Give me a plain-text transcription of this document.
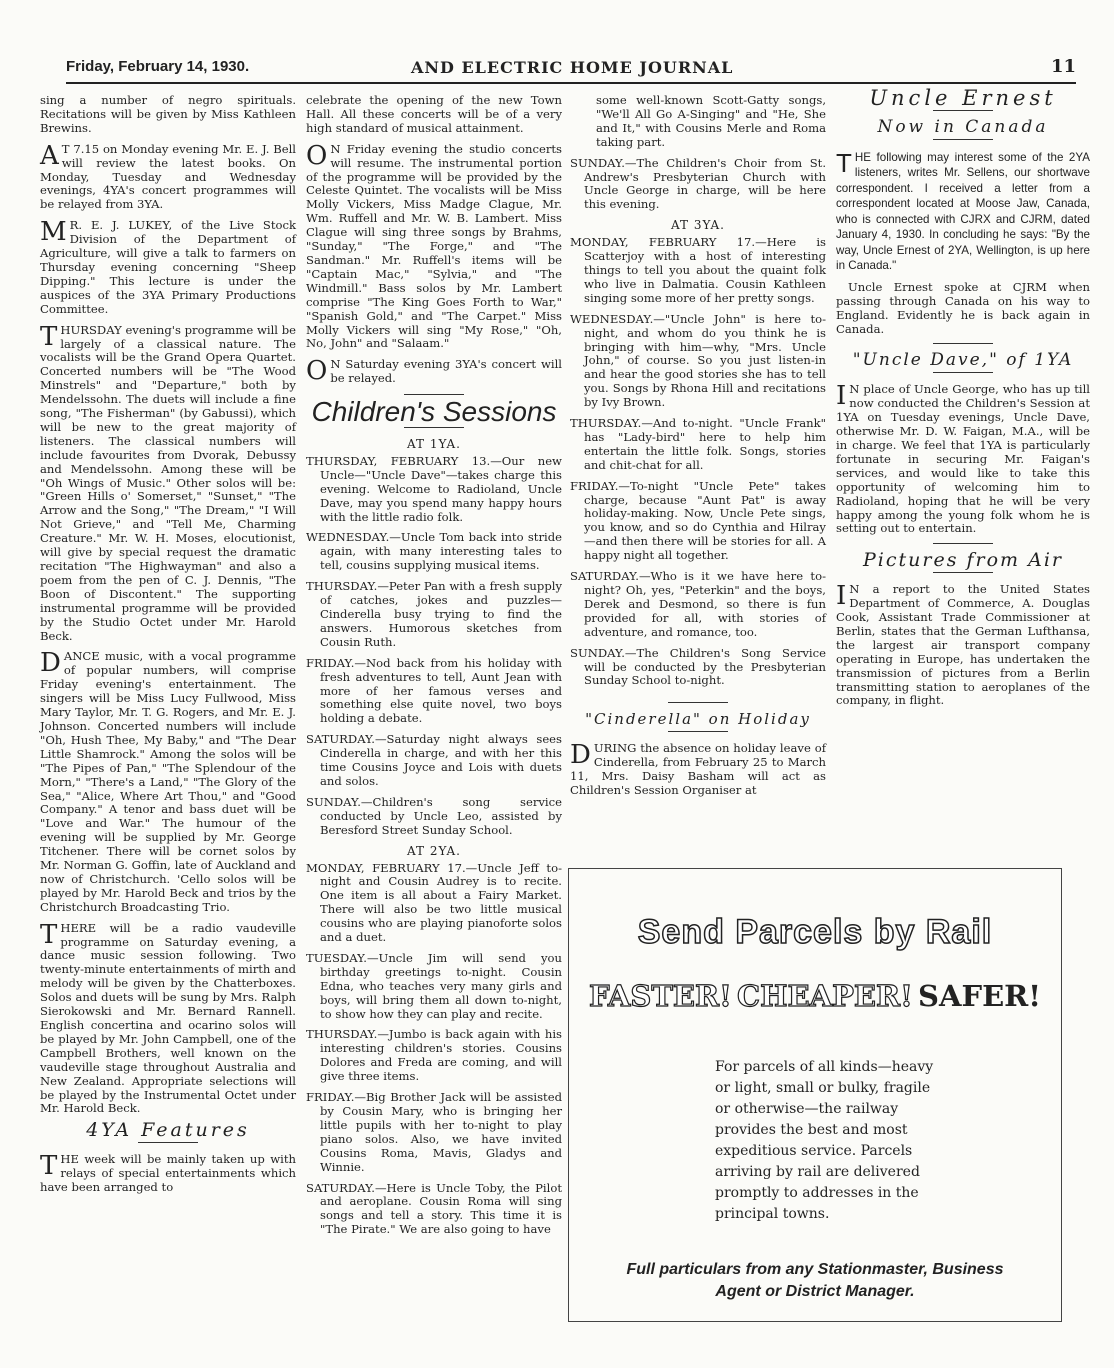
Friday, February 14, 1930.	AND ELECTRIC HOME JOURNAL	11

sing a number of negro spirituals. Recitations will be given by Miss Kathleen Brewins.

A T 7.15 on Monday evening Mr. E. J. Bell will review the latest books. On Monday, Tuesday and Wednesday evenings, 4YA's concert programmes will be relayed from 3YA.

M R. E. J. LUKEY, of the Live Stock Division of the Department of Agriculture, will give a talk to farmers on Thursday evening concerning "Sheep Dipping." This lecture is under the auspices of the 3YA Primary Productions Committee.

THURSDAY evening's programme will be largely of a classical nature. The vocalists will be the Grand Opera Quartet. Concerted numbers will be "The Wood Minstrels" and "Departure," both by Mendelssohn. The duets will include a fine song, "The Fisherman" (by Gabussi), which will be new to the great majority of listeners. The classical numbers will include favourites from Dvorak, Debussy and Mendelssohn. Among these will be "Oh Wings of Music." Other solos will be: "Green Hills o' Somerset," "Sunset," "The Arrow and the Song," "The Dream," "I Will Not Grieve," and "Tell Me, Charming Creature." Mr. W. H. Moses, elocutionist, will give by special request the dramatic recitation "The Highwayman" and also a poem from the pen of C. J. Dennis, "The Boon of Discontent." The supporting instrumental programme will be provided by the Studio Octet under Mr. Harold Beck.

DANCE music, with a vocal programme of popular numbers, will comprise Friday evening's entertainment. The singers will be Miss Lucy Fullwood, Miss Mary Taylor, Mr. T. G. Rogers, and Mr. E. J. Johnson. Concerted numbers will include "Oh, Hush Thee, My Baby," and "The Dear Little Shamrock." Among the solos will be "The Pipes of Pan," "The Splendour of the Morn," "There's a Land," "The Glory of the Sea," "Alice, Where Art Thou," and "Good Company." A tenor and bass duet will be "Love and War." The humour of the evening will be supplied by Mr. George Titchener. There will be cornet solos by Mr. Norman G. Goffin, late of Auckland and now of Christchurch. 'Cello solos will be played by Mr. Harold Beck and trios by the Christchurch Broadcasting Trio.

THERE will be a radio vaudeville programme on Saturday evening, a dance music session following. Two twenty-minute entertainments of mirth and melody will be given by the Chatterboxes. Solos and duets will be sung by Mrs. Ralph Sierokowski and Mr. Bernard Rannell. English concertina and ocarino solos will be played by Mr. John Campbell, one of the Campbell Brothers, well known on the vaudeville stage throughout Australia and New Zealand. Appropriate selections will be played by the Instrumental Octet under Mr. Harold Beck.

4YA Features

THE week will be mainly taken up with relays of special entertainments which have been arranged to

celebrate the opening of the new Town Hall. All these concerts will be of a very high standard of musical attainment.

O N Friday evening the studio concerts will resume. The instrumental portion of the programme will be provided by the Celeste Quintet. The vocalists will be Miss Molly Vickers, Miss Madge Clague, Mr. Wm. Ruffell and Mr. W. B. Lambert. Miss Clague will sing three songs by Brahms, "Sunday," "The Forge," and "The Sandman." Mr. Ruffell's items will be "Captain Mac," "Sylvia," and "The Windmill." Bass solos by Mr. Lambert comprise "The King Goes Forth to War," "Spanish Gold," and "The Carpet." Miss Molly Vickers will sing "My Rose," "Oh, No, John" and "Salaam."

O N Saturday evening 3YA's concert will be relayed.

Children's Sessions
AT 1YA.

THURSDAY, FEBRUARY 13.—Our new Uncle—"Uncle Dave"—takes charge this evening. Welcome to Radioland, Uncle Dave, may you spend many happy hours with the little radio folk.

WEDNESDAY.—Uncle Tom back into stride again, with many interesting tales to tell, cousins supplying musical items.

THURSDAY.—Peter Pan with a fresh supply of catches, jokes and puzzles—Cinderella busy trying to find the answers. Humorous sketches from Cousin Ruth.

FRIDAY.—Nod back from his holiday with fresh adventures to tell, Aunt Jean with more of her famous verses and something else quite novel, two boys holding a debate.

SATURDAY.—Saturday night always sees Cinderella in charge, and with her this time Cousins Joyce and Lois with duets and solos.

SUNDAY.—Children's song service conducted by Uncle Leo, assisted by Beresford Street Sunday School.

AT 2YA.

MONDAY, FEBRUARY 17.—Uncle Jeff to-night and Cousin Audrey is to recite. One item is all about a Fairy Market. There will also be two little musical cousins who are playing pianoforte solos and a duet.

TUESDAY.—Uncle Jim will send you birthday greetings to-night. Cousin Edna, who teaches very many girls and boys, will bring them all down to-night, to show how they can play and recite.

THURSDAY.—Jumbo is back again with his interesting children's stories. Cousins Dolores and Freda are coming, and will give three items.

FRIDAY.—Big Brother Jack will be assisted by Cousin Mary, who is bringing her little pupils with her to-night to play piano solos. Also, we have invited Cousins Roma, Mavis, Gladys and Winnie.

SATURDAY.—Here is Uncle Toby, the Pilot and aeroplane. Cousin Roma will sing songs and tell a story. This time it is "The Pirate." We are also going to have

some well-known Scott-Gatty songs, "We'll All Go A-Singing" and "He, She and It," with Cousins Merle and Roma taking part.

SUNDAY.—The Children's Choir from St. Andrew's Presbyterian Church with Uncle George in charge, will be here this evening.

AT 3YA.

MONDAY, FEBRUARY 17.—Here is Scatterjoy with a host of interesting things to tell you about the quaint folk who live in Dalmatia. Cousin Kathleen singing some more of her pretty songs.

WEDNESDAY.—"Uncle John" is here to-night, and whom do you think he is bringing with him—why, "Mrs. Uncle John," of course. So you just listen-in and hear the good stories she has to tell you. Songs by Rhona Hill and recitations by Ivy Brown.

THURSDAY.—And to-night. "Uncle Frank" has "Lady-bird" here to help him entertain the little folk. Songs, stories and chit-chat for all.

FRIDAY.—To-night "Uncle Pete" takes charge, because "Aunt Pat" is away holiday-making. Now, Uncle Pete sings, you know, and so do Cynthia and Hilray—and then there will be stories for all. A happy night all together.

SATURDAY.—Who is it we have here to-night? Oh, yes, "Peterkin" and the boys, Derek and Desmond, so there is fun provided for all, with stories of adventure, and romance, too.

SUNDAY.—The Children's Song Service will be conducted by the Presbyterian Sunday School to-night.

"Cinderella" on Holiday

DURING the absence on holiday leave of Cinderella, from February 25 to March 11, Mrs. Daisy Basham will act as Children's Session Organiser at

Uncle Ernest
Now in Canada

THE following may interest some of the 2YA listeners, writes Mr. Sellens, our shortwave correspondent. I received a letter from a correspondent located at Moose Jaw, Canada, who is connected with CJRX and CJRM, dated January 4, 1930. In concluding he says: "By the way, Uncle Ernest of 2YA, Wellington, is up here in Canada."

Uncle Ernest spoke at CJRM when passing through Canada on his way to England. Evidently he is back again in Canada.

"Uncle Dave," of 1YA

I N place of Uncle George, who has up till now conducted the Children's Session at 1YA on Tuesday evenings, Uncle Dave, otherwise Mr. D. W. Faigan, M.A., will be in charge. We feel that 1YA is particularly fortunate in securing Mr. Faigan's services, and would like to take this opportunity of welcoming him to Radioland, hoping that he will be very happy among the young folk whom he is setting out to entertain.

Pictures from Air

I N a report to the United States Department of Commerce, A. Douglas Cook, Assistant Trade Commissioner at Berlin, states that the German Lufthansa, the largest air transport company operating in Europe, has undertaken the transmission of pictures from a Berlin transmitting station to aeroplanes of the company, in flight.

Send Parcels by Rail
FASTER! CHEAPER! SAFER!
For parcels of all kinds—heavy or light, small or bulky, fragile or otherwise—the railway provides the best and most expeditious service. Parcels arriving by rail are delivered promptly to addresses in the principal towns.
Full particulars from any Stationmaster, Business
Agent or District Manager.
